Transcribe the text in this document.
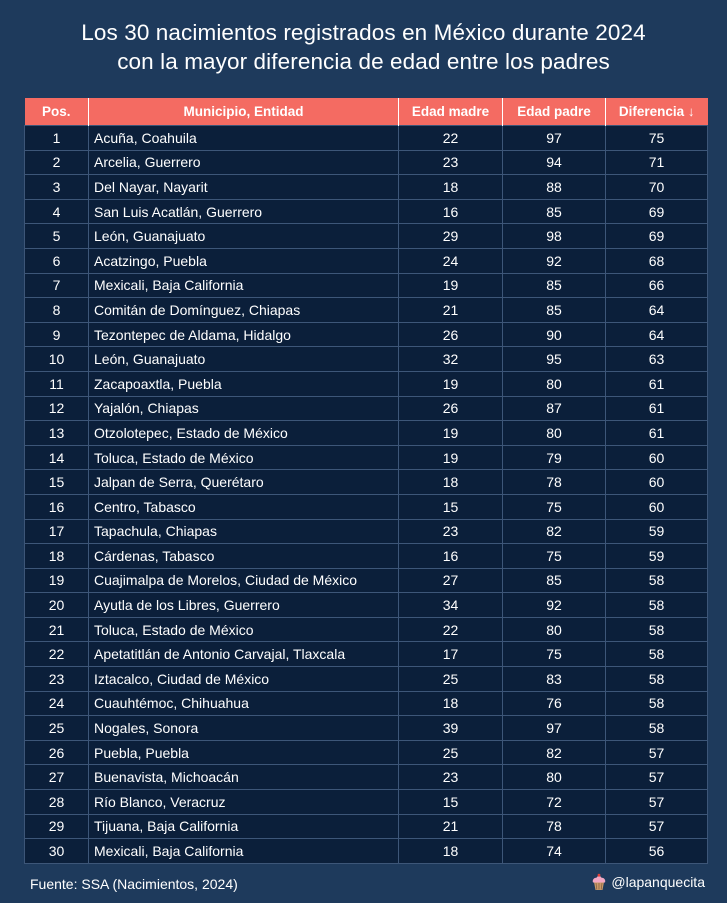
Los 30 nacimientos registrados en México durante 2024
con la mayor diferencia de edad entre los padres
Pos.	Municipio, Entidad	Edad madre	Edad padre	Diferencia ↓
1	Acuña, Coahuila	22	97	75
2	Arcelia, Guerrero	23	94	71
3	Del Nayar, Nayarit	18	88	70
4	San Luis Acatlán, Guerrero	16	85	69
5	León, Guanajuato	29	98	69
6	Acatzingo, Puebla	24	92	68
7	Mexicali, Baja California	19	85	66
8	Comitán de Domínguez, Chiapas	21	85	64
9	Tezontepec de Aldama, Hidalgo	26	90	64
10	León, Guanajuato	32	95	63
11	Zacapoaxtla, Puebla	19	80	61
12	Yajalón, Chiapas	26	87	61
13	Otzolotepec, Estado de México	19	80	61
14	Toluca, Estado de México	19	79	60
15	Jalpan de Serra, Querétaro	18	78	60
16	Centro, Tabasco	15	75	60
17	Tapachula, Chiapas	23	82	59
18	Cárdenas, Tabasco	16	75	59
19	Cuajimalpa de Morelos, Ciudad de México	27	85	58
20	Ayutla de los Libres, Guerrero	34	92	58
21	Toluca, Estado de México	22	80	58
22	Apetatitlán de Antonio Carvajal, Tlaxcala	17	75	58
23	Iztacalco, Ciudad de México	25	83	58
24	Cuauhtémoc, Chihuahua	18	76	58
25	Nogales, Sonora	39	97	58
26	Puebla, Puebla	25	82	57
27	Buenavista, Michoacán	23	80	57
28	Río Blanco, Veracruz	15	72	57
29	Tijuana, Baja California	21	78	57
30	Mexicali, Baja California	18	74	56
Fuente: SSA (Nacimientos, 2024)	@lapanquecita
